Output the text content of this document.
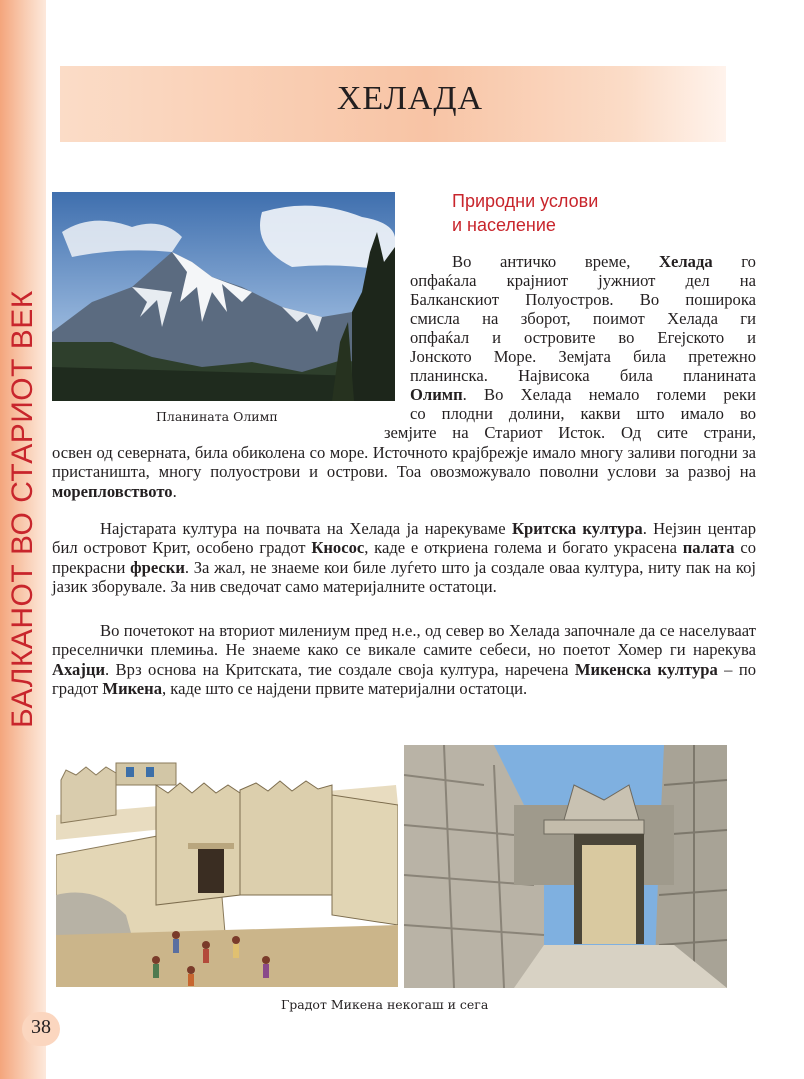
БАЛКАНОТ ВО СТАРИОТ ВЕК
ХЕЛАДА
Планината Олимп
Природни услови
и население

Во античко време, Хелада го

опфаќала крајниот јужниот дел на

Балканскиот Полуостров. Во поширока

смисла на зборот, поимот Хелада ги

опфаќал и островите во Егејското и

Јонското Море. Земјата била претежно

планинска. Највисока била планината

Олимп. Во Хелада немало големи реки

со плодни долини, какви што имало во

земјите на Стариот Исток. Од сите страни,

освен од северната, била обиколена со море. Источното крајбрежје имало многу заливи погодни за пристаништа, многу полуострови и острови. Тоа овозможувало поволни услови за развој на морепловството.

Најстарата култура на почвата на Хелада ја нарекуваме Критска култура. Нејзин центар бил островот Крит, особено градот Кносос, каде е откриена голема и богато украсена палата со прекрасни фрески. За жал, не знаеме кои биле луѓето што ја создале оваа култура, ниту пак на кој јазик зборувале. За нив сведочат само материјалните остатоци.

Во почетокот на вториот милениум пред н.е., од север во Хелада започнале да се населуваат преселнички племиња. Не знаеме како се викале самите себеси, но поетот Хомер ги нарекува Ахајци. Врз основа на Критската, тие создале своја култура, наречена Микенска култура – по градот Микена, каде што се најдени првите материјални остатоци.

Градот Микена некогаш и сега
38
